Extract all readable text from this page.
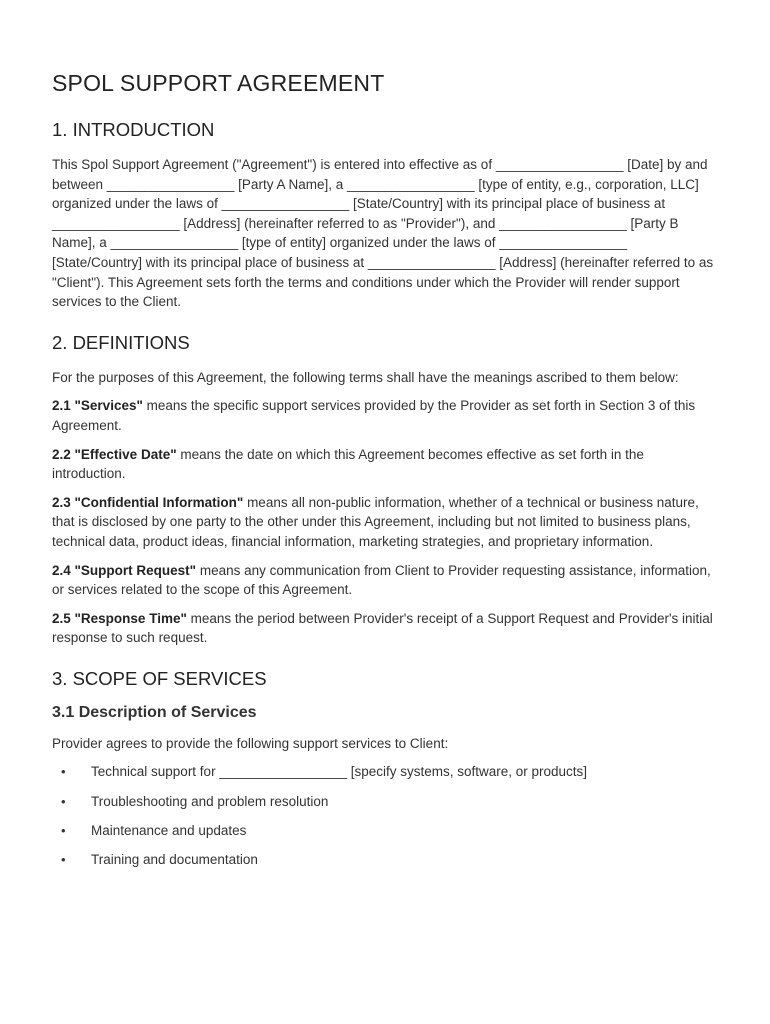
SPOL SUPPORT AGREEMENT
1. INTRODUCTION

This Spol Support Agreement ("Agreement") is entered into effective as of _________________ [Date] by and between _________________ [Party A Name], a _________________ [type of entity, e.g., corporation, LLC] organized under the laws of _________________ [State/Country] with its principal place of business at _________________ [Address] (hereinafter referred to as "Provider"), and _________________ [Party B Name], a _________________ [type of entity] organized under the laws of _________________ [State/Country] with its principal place of business at _________________ [Address] (hereinafter referred to as "Client"). This Agreement sets forth the terms and conditions under which the Provider will render support services to the Client.

2. DEFINITIONS

For the purposes of this Agreement, the following terms shall have the meanings ascribed to them below:

2.1 "Services" means the specific support services provided by the Provider as set forth in Section 3 of this Agreement.

2.2 "Effective Date" means the date on which this Agreement becomes effective as set forth in the introduction.

2.3 "Confidential Information" means all non-public information, whether of a technical or business nature, that is disclosed by one party to the other under this Agreement, including but not limited to business plans, technical data, product ideas, financial information, marketing strategies, and proprietary information.

2.4 "Support Request" means any communication from Client to Provider requesting assistance, information, or services related to the scope of this Agreement.

2.5 "Response Time" means the period between Provider's receipt of a Support Request and Provider's initial response to such request.

3. SCOPE OF SERVICES
3.1 Description of Services

Provider agrees to provide the following support services to Client:

• Technical support for _________________ [specify systems, software, or products]
• Troubleshooting and problem resolution
• Maintenance and updates
• Training and documentation
